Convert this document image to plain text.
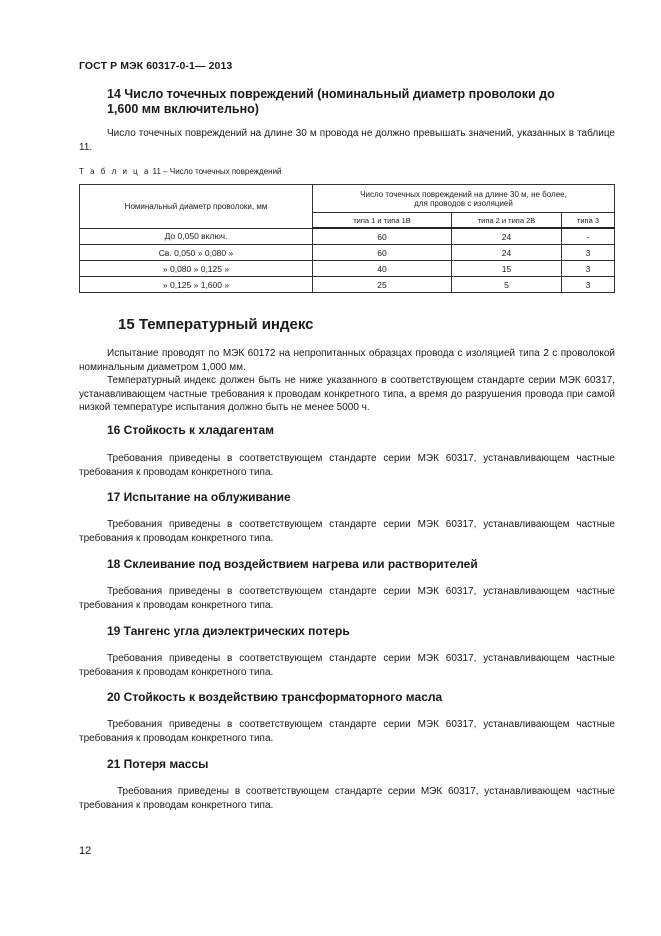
ГОСТ Р МЭК 60317-0-1— 2013
14 Число точечных повреждений (номинальный диаметр проволоки до
1,600 мм включительно)

Число точечных повреждений на длине 30 м провода не должно превышать значений, указанных в таблице 11.

Т а б л и ц а 11 – Число точечных повреждений
Номинальный диаметр проволоки, мм	Число точечных повреждений на длине 30 м, не более,
для проводов с изоляцией		

	типа 1 и типа 1В	типа 2 и типа 2В	типа 3
До 0,050 включ.	60	24	-
Св. 0,050 » 0,080 »	60	24	3
» 0,080 » 0,125 »	40	15	3
» 0,125 » 1,600 »	25	5	3
15 Температурный индекс

Испытание проводят по МЭК 60172 на непропитанных образцах провода с изоляцией типа 2 с проволокой номинальным диаметром 1,000 мм.

Температурный индекс должен быть не ниже указанного в соответствующем стандарте серии МЭК 60317, устанавливающем частные требования к проводам конкретного типа, а время до разрушения провода при самой низкой температуре испытания должно быть не менее 5000 ч.

16 Стойкость к хладагентам

Требования приведены в соответствующем стандарте серии МЭК 60317, устанавливающем частные требования к проводам конкретного типа.

17 Испытание на облуживание

Требования приведены в соответствующем стандарте серии МЭК 60317, устанавливающем частные требования к проводам конкретного типа.

18 Склеивание под воздействием нагрева или растворителей

Требования приведены в соответствующем стандарте серии МЭК 60317, устанавливающем частные требования к проводам конкретного типа.

19 Тангенс угла диэлектрических потерь

Требования приведены в соответствующем стандарте серии МЭК 60317, устанавливающем частные требования к проводам конкретного типа.

20 Стойкость к воздействию трансформаторного масла

Требования приведены в соответствующем стандарте серии МЭК 60317, устанавливающем частные требования к проводам конкретного типа.

21 Потеря массы

Требования приведены в соответствующем стандарте серии МЭК 60317, устанавливающем частные требования к проводам конкретного типа.

12
